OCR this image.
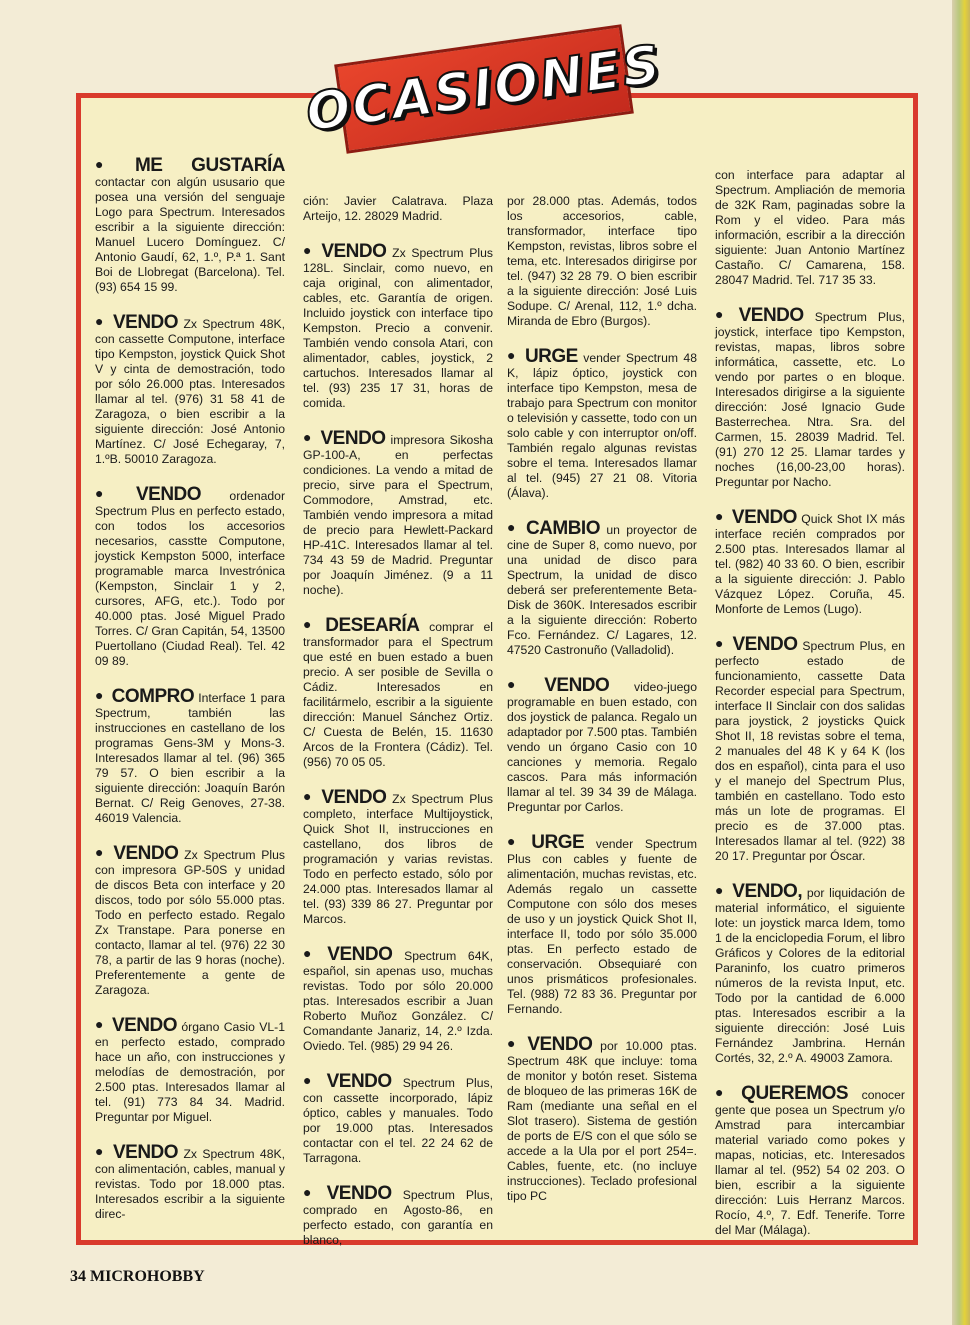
● ME GUSTARÍA contactar con algún ususario que posea una versión del senguaje Logo para Spectrum. Interesados escribir a la siguiente dirección: Manuel Lucero Domínguez. C/ Antonio Gaudí, 62, 1.º, P.ª 1. Sant Boi de Llobregat (Barcelona). Tel. (93) 654 15 99.

● VENDO Zx Spectrum 48K, con cassette Computone, interface tipo Kempston, joystick Quick Shot V y cinta de demostración, todo por sólo 26.000 ptas. Interesados llamar al tel. (976) 31 58 41 de Zaragoza, o bien escribir a la siguiente dirección: José Antonio Martínez. C/ José Echegaray, 7, 1.ºB. 50010 Zaragoza.

● VENDO ordenador Spectrum Plus en perfecto estado, con todos los accesorios necesarios, casstte Computone, joystick Kempston 5000, interface programable marca Investrónica (Kempston, Sinclair 1 y 2, cursores, AFG, etc.). Todo por 40.000 ptas. José Miguel Prado Torres. C/ Gran Capitán, 54, 13500 Puertollano (Ciudad Real). Tel. 42 09 89.

● COMPRO Interface 1 para Spectrum, también las instrucciones en castellano de los programas Gens-3M y Mons-3. Interesados llamar al tel. (96) 365 79 57. O bien escribir a la siguiente dirección: Joaquín Barón Bernat. C/ Reig Genoves, 27-38. 46019 Valencia.

● VENDO Zx Spectrum Plus con impresora GP-50S y unidad de discos Beta con interface y 20 discos, todo por sólo 55.000 ptas. Todo en perfecto estado. Regalo Zx Transtape. Para ponerse en contacto, llamar al tel. (976) 22 30 78, a partir de las 9 horas (noche). Preferentemente a gente de Zaragoza.

● VENDO órgano Casio VL-1 en perfecto estado, comprado hace un año, con instrucciones y melodías de demostración, por 2.500 ptas. Interesados llamar al tel. (91) 773 84 34. Madrid. Preguntar por Miguel.

● VENDO Zx Spectrum 48K, con alimentación, cables, manual y revistas. Todo por 18.000 ptas. Interesados escribir a la siguiente direc-

ción: Javier Calatrava. Plaza Arteijo, 12. 28029 Madrid.

● VENDO Zx Spectrum Plus 128L. Sinclair, como nuevo, en caja original, con alimentador, cables, etc. Garantía de origen. Incluido joystick con interface tipo Kempston. Precio a convenir. También vendo consola Atari, con alimentador, cables, joystick, 2 cartuchos. Interesados llamar al tel. (93) 235 17 31, horas de comida.

● VENDO impresora Sikosha GP-100-A, en perfectas condiciones. La vendo a mitad de precio, sirve para el Spectrum, Commodore, Amstrad, etc. También vendo impresora a mitad de precio para Hewlett-Packard HP-41C. Interesados llamar al tel. 734 43 59 de Madrid. Preguntar por Joaquín Jiménez. (9 a 11 noche).

● DESEARÍA comprar el transformador para el Spectrum que esté en buen estado a buen precio. A ser posible de Sevilla o Cádiz. Interesados en facilitármelo, escribir a la siguiente dirección: Manuel Sánchez Ortiz. C/ Cuesta de Belén, 15. 11630 Arcos de la Frontera (Cádiz). Tel. (956) 70 05 05.

● VENDO Zx Spectrum Plus completo, interface Multijoystick, Quick Shot II, instrucciones en castellano, dos libros de programación y varias revistas. Todo en perfecto estado, sólo por 24.000 ptas. Interesados llamar al tel. (93) 339 86 27. Preguntar por Marcos.

● VENDO Spectrum 64K, español, sin apenas uso, muchas revistas. Todo por sólo 20.000 ptas. Interesados escribir a Juan Roberto Muñoz González. C/ Comandante Janariz, 14, 2.º Izda. Oviedo. Tel. (985) 29 94 26.

● VENDO Spectrum Plus, con cassette incorporado, lápiz óptico, cables y manuales. Todo por 19.000 ptas. Interesados contactar con el tel. 22 24 62 de Tarragona.

● VENDO Spectrum Plus, comprado en Agosto-86, en perfecto estado, con garantía en blanco,

por 28.000 ptas. Además, todos los accesorios, cable, transformador, interface tipo Kempston, revistas, libros sobre el tema, etc. Interesados dirigirse por tel. (947) 32 28 79. O bien escribir a la siguiente dirección: José Luis Sodupe. C/ Arenal, 112, 1.º dcha. Miranda de Ebro (Burgos).

● URGE vender Spectrum 48 K, lápiz óptico, joystick con interface tipo Kempston, mesa de trabajo para Spectrum con monitor o televisión y cassette, todo con un solo cable y con interruptor on/off. También regalo algunas revistas sobre el tema. Interesados llamar al tel. (945) 27 21 08. Vitoria (Álava).

● CAMBIO un proyector de cine de Super 8, como nuevo, por una unidad de disco para Spectrum, la unidad de disco deberá ser preferentemente Beta-Disk de 360K. Interesados escribir a la siguiente dirección: Roberto Fco. Fernández. C/ Lagares, 12. 47520 Castronuño (Valladolid).

● VENDO video-juego programable en buen estado, con dos joystick de palanca. Regalo un adaptador por 7.500 ptas. También vendo un órgano Casio con 10 canciones y memoria. Regalo cascos. Para más información llamar al tel. 39 34 39 de Málaga. Preguntar por Carlos.

● URGE vender Spectrum Plus con cables y fuente de alimentación, muchas revistas, etc. Además regalo un cassette Computone con sólo dos meses de uso y un joystick Quick Shot II, interface II, todo por sólo 35.000 ptas. En perfecto estado de conservación. Obsequiaré con unos prismáticos profesionales. Tel. (988) 72 83 36. Preguntar por Fernando.

● VENDO por 10.000 ptas. Spectrum 48K que incluye: toma de monitor y botón reset. Sistema de bloqueo de las primeras 16K de Ram (mediante una señal en el Slot trasero). Sistema de gestión de ports de E/S con el que sólo se accede a la Ula por el port 254=. Cables, fuente, etc. (no incluye instrucciones). Teclado profesional tipo PC

con interface para adaptar al Spectrum. Ampliación de memoria de 32K Ram, paginadas sobre la Rom y el video. Para más información, escribir a la dirección siguiente: Juan Antonio Martínez Castaño. C/ Camarena, 158. 28047 Madrid. Tel. 717 35 33.

● VENDO Spectrum Plus, joystick, interface tipo Kempston, revistas, mapas, libros sobre informática, cassette, etc. Lo vendo por partes o en bloque. Interesados dirigirse a la siguiente dirección: José Ignacio Gude Basterrechea. Ntra. Sra. del Carmen, 15. 28039 Madrid. Tel. (91) 270 12 25. Llamar tardes y noches (16,00-23,00 horas). Preguntar por Nacho.

● VENDO Quick Shot IX más interface recién comprados por 2.500 ptas. Interesados llamar al tel. (982) 40 33 60. O bien, escribir a la siguiente dirección: J. Pablo Vázquez López. Coruña, 45. Monforte de Lemos (Lugo).

● VENDO Spectrum Plus, en perfecto estado de funcionamiento, cassette Data Recorder especial para Spectrum, interface II Sinclair con dos salidas para joystick, 2 joysticks Quick Shot II, 18 revistas sobre el tema, 2 manuales del 48 K y 64 K (los dos en español), cinta para el uso y el manejo del Spectrum Plus, también en castellano. Todo esto más un lote de programas. El precio es de 37.000 ptas. Interesados llamar al tel. (922) 38 20 17. Preguntar por Óscar.

● VENDO, por liquidación de material informático, el siguiente lote: un joystick marca Idem, tomo 1 de la enciclopedia Forum, el libro Gráficos y Colores de la editorial Paraninfo, los cuatro primeros números de la revista Input, etc. Todo por la cantidad de 6.000 ptas. Interesados escribir a la siguiente dirección: José Luis Fernández Jambrina. Hernán Cortés, 32, 2.º A. 49003 Zamora.

● QUEREMOS conocer gente que posea un Spectrum y/o Amstrad para intercambiar material variado como pokes y mapas, noticias, etc. Interesados llamar al tel. (952) 54 02 203. O bien, escribir a la siguiente dirección: Luis Herranz Marcos. Rocío, 4.º, 7. Edf. Tenerife. Torre del Mar (Málaga).

OCASIONES
34 MICROHOBBY
